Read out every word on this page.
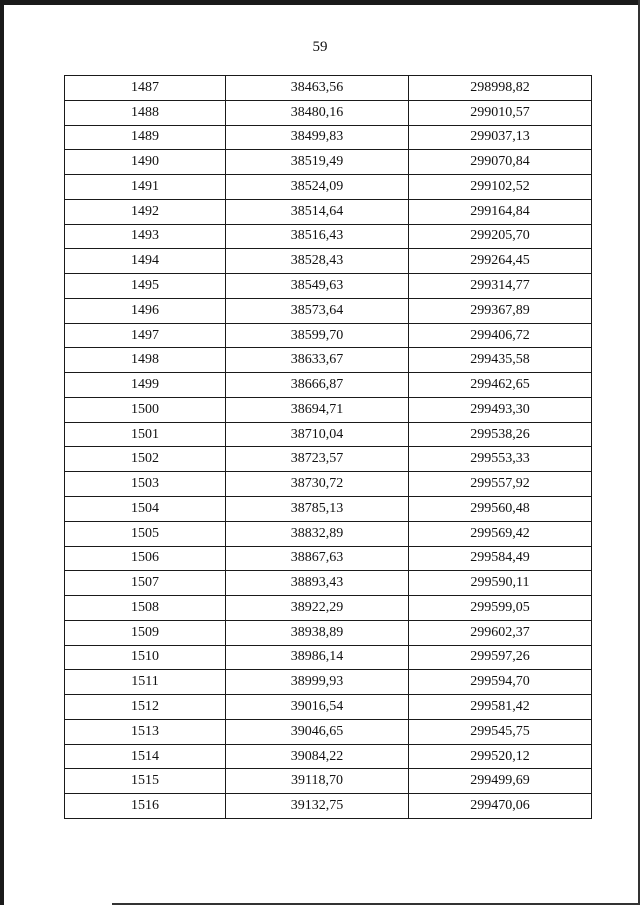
59
1487	38463,56	298998,82
1488	38480,16	299010,57
1489	38499,83	299037,13
1490	38519,49	299070,84
1491	38524,09	299102,52
1492	38514,64	299164,84
1493	38516,43	299205,70
1494	38528,43	299264,45
1495	38549,63	299314,77
1496	38573,64	299367,89
1497	38599,70	299406,72
1498	38633,67	299435,58
1499	38666,87	299462,65
1500	38694,71	299493,30
1501	38710,04	299538,26
1502	38723,57	299553,33
1503	38730,72	299557,92
1504	38785,13	299560,48
1505	38832,89	299569,42
1506	38867,63	299584,49
1507	38893,43	299590,11
1508	38922,29	299599,05
1509	38938,89	299602,37
1510	38986,14	299597,26
1511	38999,93	299594,70
1512	39016,54	299581,42
1513	39046,65	299545,75
1514	39084,22	299520,12
1515	39118,70	299499,69
1516	39132,75	299470,06
